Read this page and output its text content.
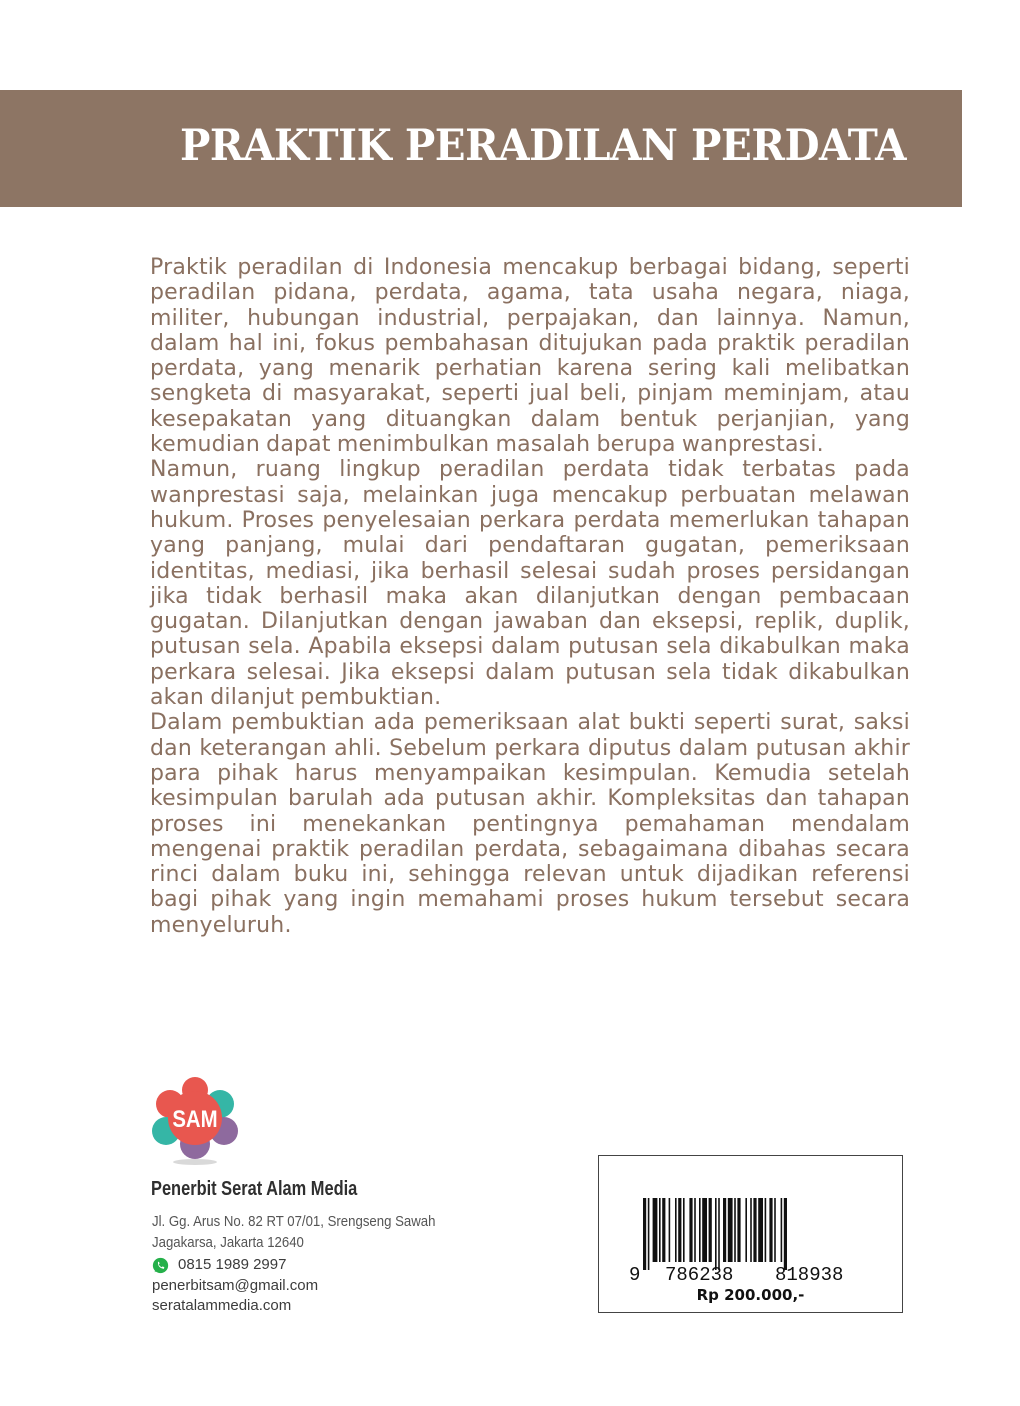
PRAKTIK PERADILAN PERDATA

Praktik peradilan di Indonesia mencakup berbagai bidang, seperti peradilan pidana, perdata, agama, tata usaha negara, niaga, militer, hubungan industrial, perpajakan, dan lainnya. Namun, dalam hal ini, fokus pembahasan ditujukan pada praktik peradilan perdata, yang menarik perhatian karena sering kali melibatkan sengketa di masyarakat, seperti jual beli, pinjam meminjam, atau kesepakatan yang dituangkan dalam bentuk perjanjian, yang kemudian dapat menimbulkan masalah berupa wanprestasi.

Namun, ruang lingkup peradilan perdata tidak terbatas pada wanprestasi saja, melainkan juga mencakup perbuatan melawan hukum. Proses penyelesaian perkara perdata memerlukan tahapan yang panjang, mulai dari pendaftaran gugatan, pemeriksaan identitas, mediasi, jika berhasil selesai sudah proses persidangan jika tidak berhasil maka akan dilanjutkan dengan pembacaan gugatan. Dilanjutkan dengan jawaban dan eksepsi, replik, duplik, putusan sela. Apabila eksepsi dalam putusan sela dikabulkan maka perkara selesai. Jika eksepsi dalam putusan sela tidak dikabulkan akan dilanjut pembuktian.

Dalam pembuktian ada pemeriksaan alat bukti seperti surat, saksi dan keterangan ahli. Sebelum perkara diputus dalam putusan akhir para pihak harus menyampaikan kesimpulan. Kemudia setelah kesimpulan barulah ada putusan akhir. Kompleksitas dan tahapan proses ini menekankan pentingnya pemahaman mendalam mengenai praktik peradilan perdata, sebagaimana dibahas secara rinci dalam buku ini, sehingga relevan untuk dijadikan referensi bagi pihak yang ingin memahami proses hukum tersebut secara menyeluruh.

SAM
Penerbit Serat Alam Media
Jl. Gg. Arus No. 82 RT 07/01, Srengseng Sawah
Jagakarsa, Jakarta 12640
0815 1989 2997
penerbitsam@gmail.com
seratalammedia.com
9 786238 818938
Rp 200.000,-
